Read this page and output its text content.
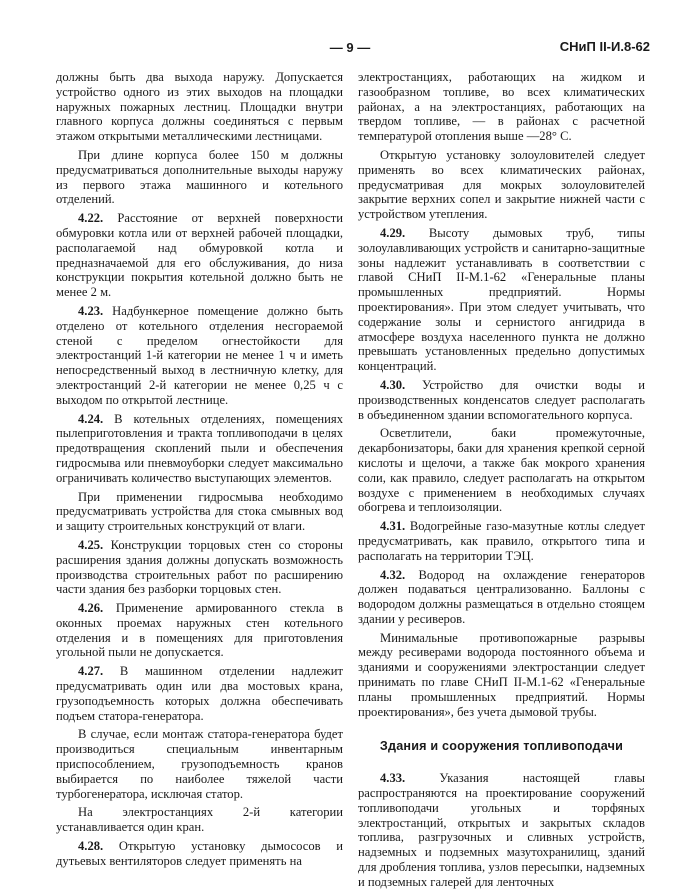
— 9 —	СНиП II-И.8-62

должны быть два выхода наружу. Допускается устройство одного из этих выходов на площадки наружных пожарных лестниц. Площадки внутри главного корпуса должны соединяться с первым этажом открытыми металлическими лестницами.

При длине корпуса более 150 м должны предусматриваться дополнительные выходы наружу из первого этажа машинного и котельного отделений.

4.22. Расстояние от верхней поверхности обмуровки котла или от верхней рабочей площадки, располагаемой над обмуровкой котла и предназначаемой для его обслуживания, до низа конструкции покрытия котельной должно быть не менее 2 м.

4.23. Надбункерное помещение должно быть отделено от котельного отделения несгораемой стеной с пределом огнестойкости для электростанций 1-й категории не менее 1 ч и иметь непосредственный выход в лестничную клетку, для электростанций 2-й категории не менее 0,25 ч с выходом по открытой лестнице.

4.24. В котельных отделениях, помещениях пылеприготовления и тракта топливоподачи в целях предотвращения скоплений пыли и обеспечения гидросмыва или пневмоуборки следует максимально ограничивать количество выступающих элементов.

При применении гидросмыва необходимо предусматривать устройства для стока смывных вод и защиту строительных конструкций от влаги.

4.25. Конструкции торцовых стен со стороны расширения здания должны допускать возможность производства строительных работ по расширению части здания без разборки торцовых стен.

4.26. Применение армированного стекла в оконных проемах наружных стен котельного отделения и в помещениях для приготовления угольной пыли не допускается.

4.27. В машинном отделении надлежит предусматривать один или два мостовых крана, грузоподъемность которых должна обеспечивать подъем статора-генератора.

В случае, если монтаж статора-генератора будет производиться специальным инвентарным приспособлением, грузоподъемность кранов выбирается по наиболее тяжелой части турбогенератора, исключая статор.

На электростанциях 2-й категории устанавливается один кран.

4.28. Открытую установку дымососов и дутьевых вентиляторов следует применять на

электростанциях, работающих на жидком и газообразном топливе, во всех климатических районах, а на электростанциях, работающих на твердом топливе, — в районах с расчетной температурой отопления выше —28° С.

Открытую установку золоуловителей следует применять во всех климатических районах, предусматривая для мокрых золоуловителей закрытие верхних сопел и закрытие нижней части с устройством утепления.

4.29. Высоту дымовых труб, типы золоулавливающих устройств и санитарно-защитные зоны надлежит устанавливать в соответствии с главой СНиП II-М.1-62 «Генеральные планы промышленных предприятий. Нормы проектирования». При этом следует учитывать, что содержание золы и сернистого ангидрида в атмосфере воздуха населенного пункта не должно превышать установленных предельно допустимых концентраций.

4.30. Устройство для очистки воды и производственных конденсатов следует располагать в объединенном здании вспомогательного корпуса.

Осветлители, баки промежуточные, декарбонизаторы, баки для хранения крепкой серной кислоты и щелочи, а также бак мокрого хранения соли, как правило, следует располагать на открытом воздухе с применением в необходимых случаях обогрева и теплоизоляции.

4.31. Водогрейные газо-мазутные котлы следует предусматривать, как правило, открытого типа и располагать на территории ТЭЦ.

4.32. Водород на охлаждение генераторов должен подаваться централизованно. Баллоны с водородом должны размещаться в отдельно стоящем здании у ресиверов.

Минимальные противопожарные разрывы между ресиверами водорода постоянного объема и зданиями и сооружениями электростанции следует принимать по главе СНиП II-М.1-62 «Генеральные планы промышленных предприятий. Нормы проектирования», без учета дымовой трубы.

Здания и сооружения топливоподачи

4.33.	Указания настоящей главы распространяются на проектирование сооружений топливоподачи угольных и торфяных электростанций, открытых и закрытых складов топлива, разгрузочных и сливных устройств, надземных и подземных мазутохранилищ, зданий для дробления топлива, узлов пересыпки, надземных и подземных галерей для ленточных
